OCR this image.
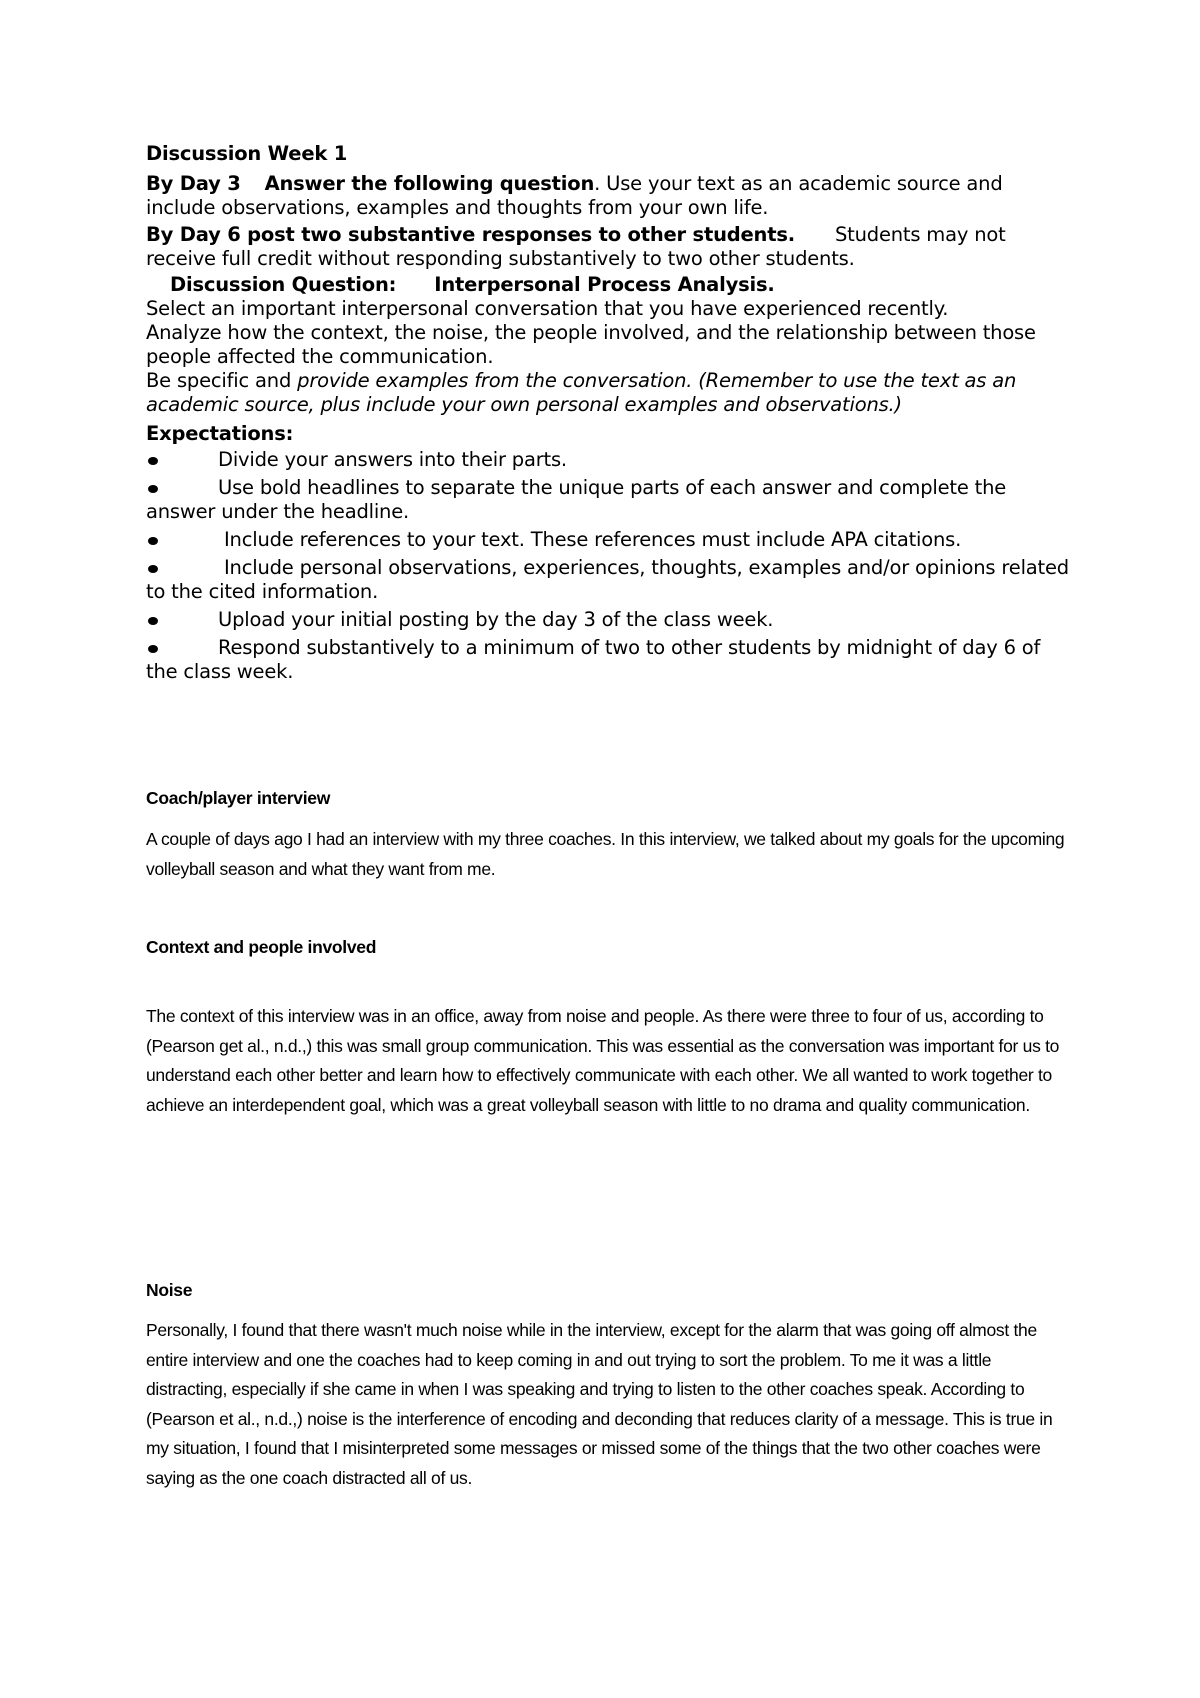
Discussion Week 1

By Day 3 Answer the following question. Use your text as an academic source and include observations, examples and thoughts from your own life.

By Day 6 post two substantive responses to other students. Students may not receive full credit without responding substantively to two other students.

Discussion Question: Interpersonal Process Analysis.

Select an important interpersonal conversation that you have experienced recently.

Analyze how the context, the noise, the people involved, and the relationship between those people affected the communication.

Be specific and provide examples from the conversation. (Remember to use the text as an academic source, plus include your own personal examples and observations.)

Expectations:

Divide your answers into their parts.
Use bold headlines to separate the unique parts of each answer and complete the answer under the headline.
Include references to your text. These references must include APA citations.
Include personal observations, experiences, thoughts, examples and/or opinions related to the cited information.
Upload your initial posting by the day 3 of the class week.
Respond substantively to a minimum of two to other students by midnight of day 6 of the class week.
Coach/player interview

A couple of days ago I had an interview with my three coaches. In this interview, we talked about my goals for the upcoming volleyball season and what they want from me.

Context and people involved

The context of this interview was in an office, away from noise and people. As there were three to four of us, according to (Pearson get al., n.d.,) this was small group communication. This was essential as the conversation was important for us to understand each other better and learn how to effectively communicate with each other. We all wanted to work together to achieve an interdependent goal, which was a great volleyball season with little to no drama and quality communication.

Noise

Personally, I found that there wasn't much noise while in the interview, except for the alarm that was going off almost the entire interview and one the coaches had to keep coming in and out trying to sort the problem. To me it was a little distracting, especially if she came in when I was speaking and trying to listen to the other coaches speak. According to (Pearson et al., n.d.,) noise is the interference of encoding and deconding that reduces clarity of a message. This is true in my situation, I found that I misinterpreted some messages or missed some of the things that the two other coaches were saying as the one coach distracted all of us.
